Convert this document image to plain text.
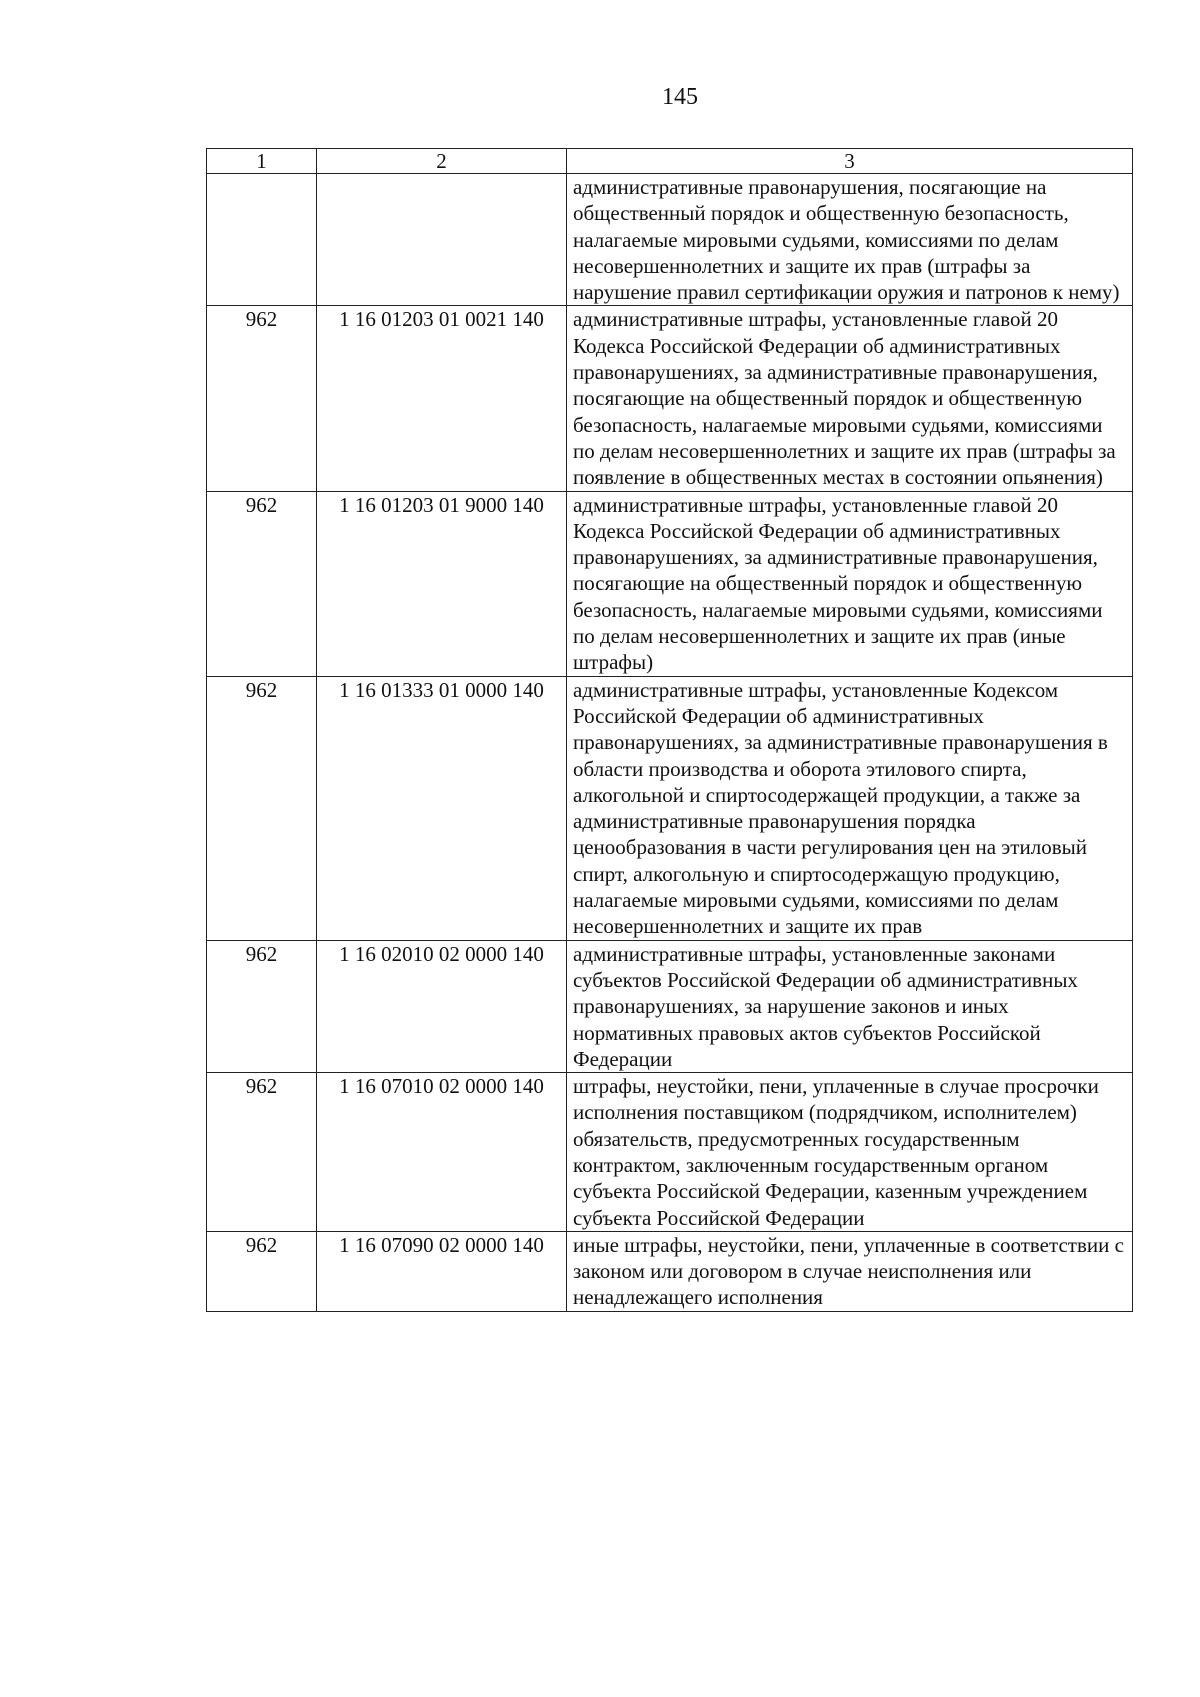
145
1	2	3
		административные правонарушения, посягающие на общественный порядок и общественную безопасность, налагаемые мировыми судьями, комиссиями по делам несовершеннолетних и защите их прав (штрафы за нарушение правил сертификации оружия и патронов к нему)
962	1 16 01203 01 0021 140	административные штрафы, установленные главой 20 Кодекса Российской Федерации об административных правонарушениях, за административные правонарушения, посягающие на общественный порядок и общественную безопасность, налагаемые мировыми судьями, комиссиями по делам несовершеннолетних и защите их прав (штрафы за появление в общественных местах в состоянии опьянения)
962	1 16 01203 01 9000 140	административные штрафы, установленные главой 20 Кодекса Российской Федерации об административных правонарушениях, за административные правонарушения, посягающие на общественный порядок и общественную безопасность, налагаемые мировыми судьями, комиссиями по делам несовершеннолетних и защите их прав (иные штрафы)
962	1 16 01333 01 0000 140	административные штрафы, установленные Кодексом Российской Федерации об административных правонарушениях, за административные правонарушения в области производства и оборота этилового спирта, алкогольной и спиртосодержащей продукции, а также за административные правонарушения порядка ценообразования в части регулирования цен на этиловый спирт, алкогольную и спиртосодержащую продукцию, налагаемые мировыми судьями, комиссиями по делам несовершеннолетних и защите их прав
962	1 16 02010 02 0000 140	административные штрафы, установленные законами субъектов Российской Федерации об административных правонарушениях, за нарушение законов и иных нормативных правовых актов субъектов Российской Федерации
962	1 16 07010 02 0000 140	штрафы, неустойки, пени, уплаченные в случае просрочки исполнения поставщиком (подрядчиком, исполнителем) обязательств, предусмотренных государственным контрактом, заключенным государственным органом субъекта Российской Федерации, казенным учреждением субъекта Российской Федерации
962	1 16 07090 02 0000 140	иные штрафы, неустойки, пени, уплаченные в соответствии с законом или договором в случае неисполнения или ненадлежащего исполнения
